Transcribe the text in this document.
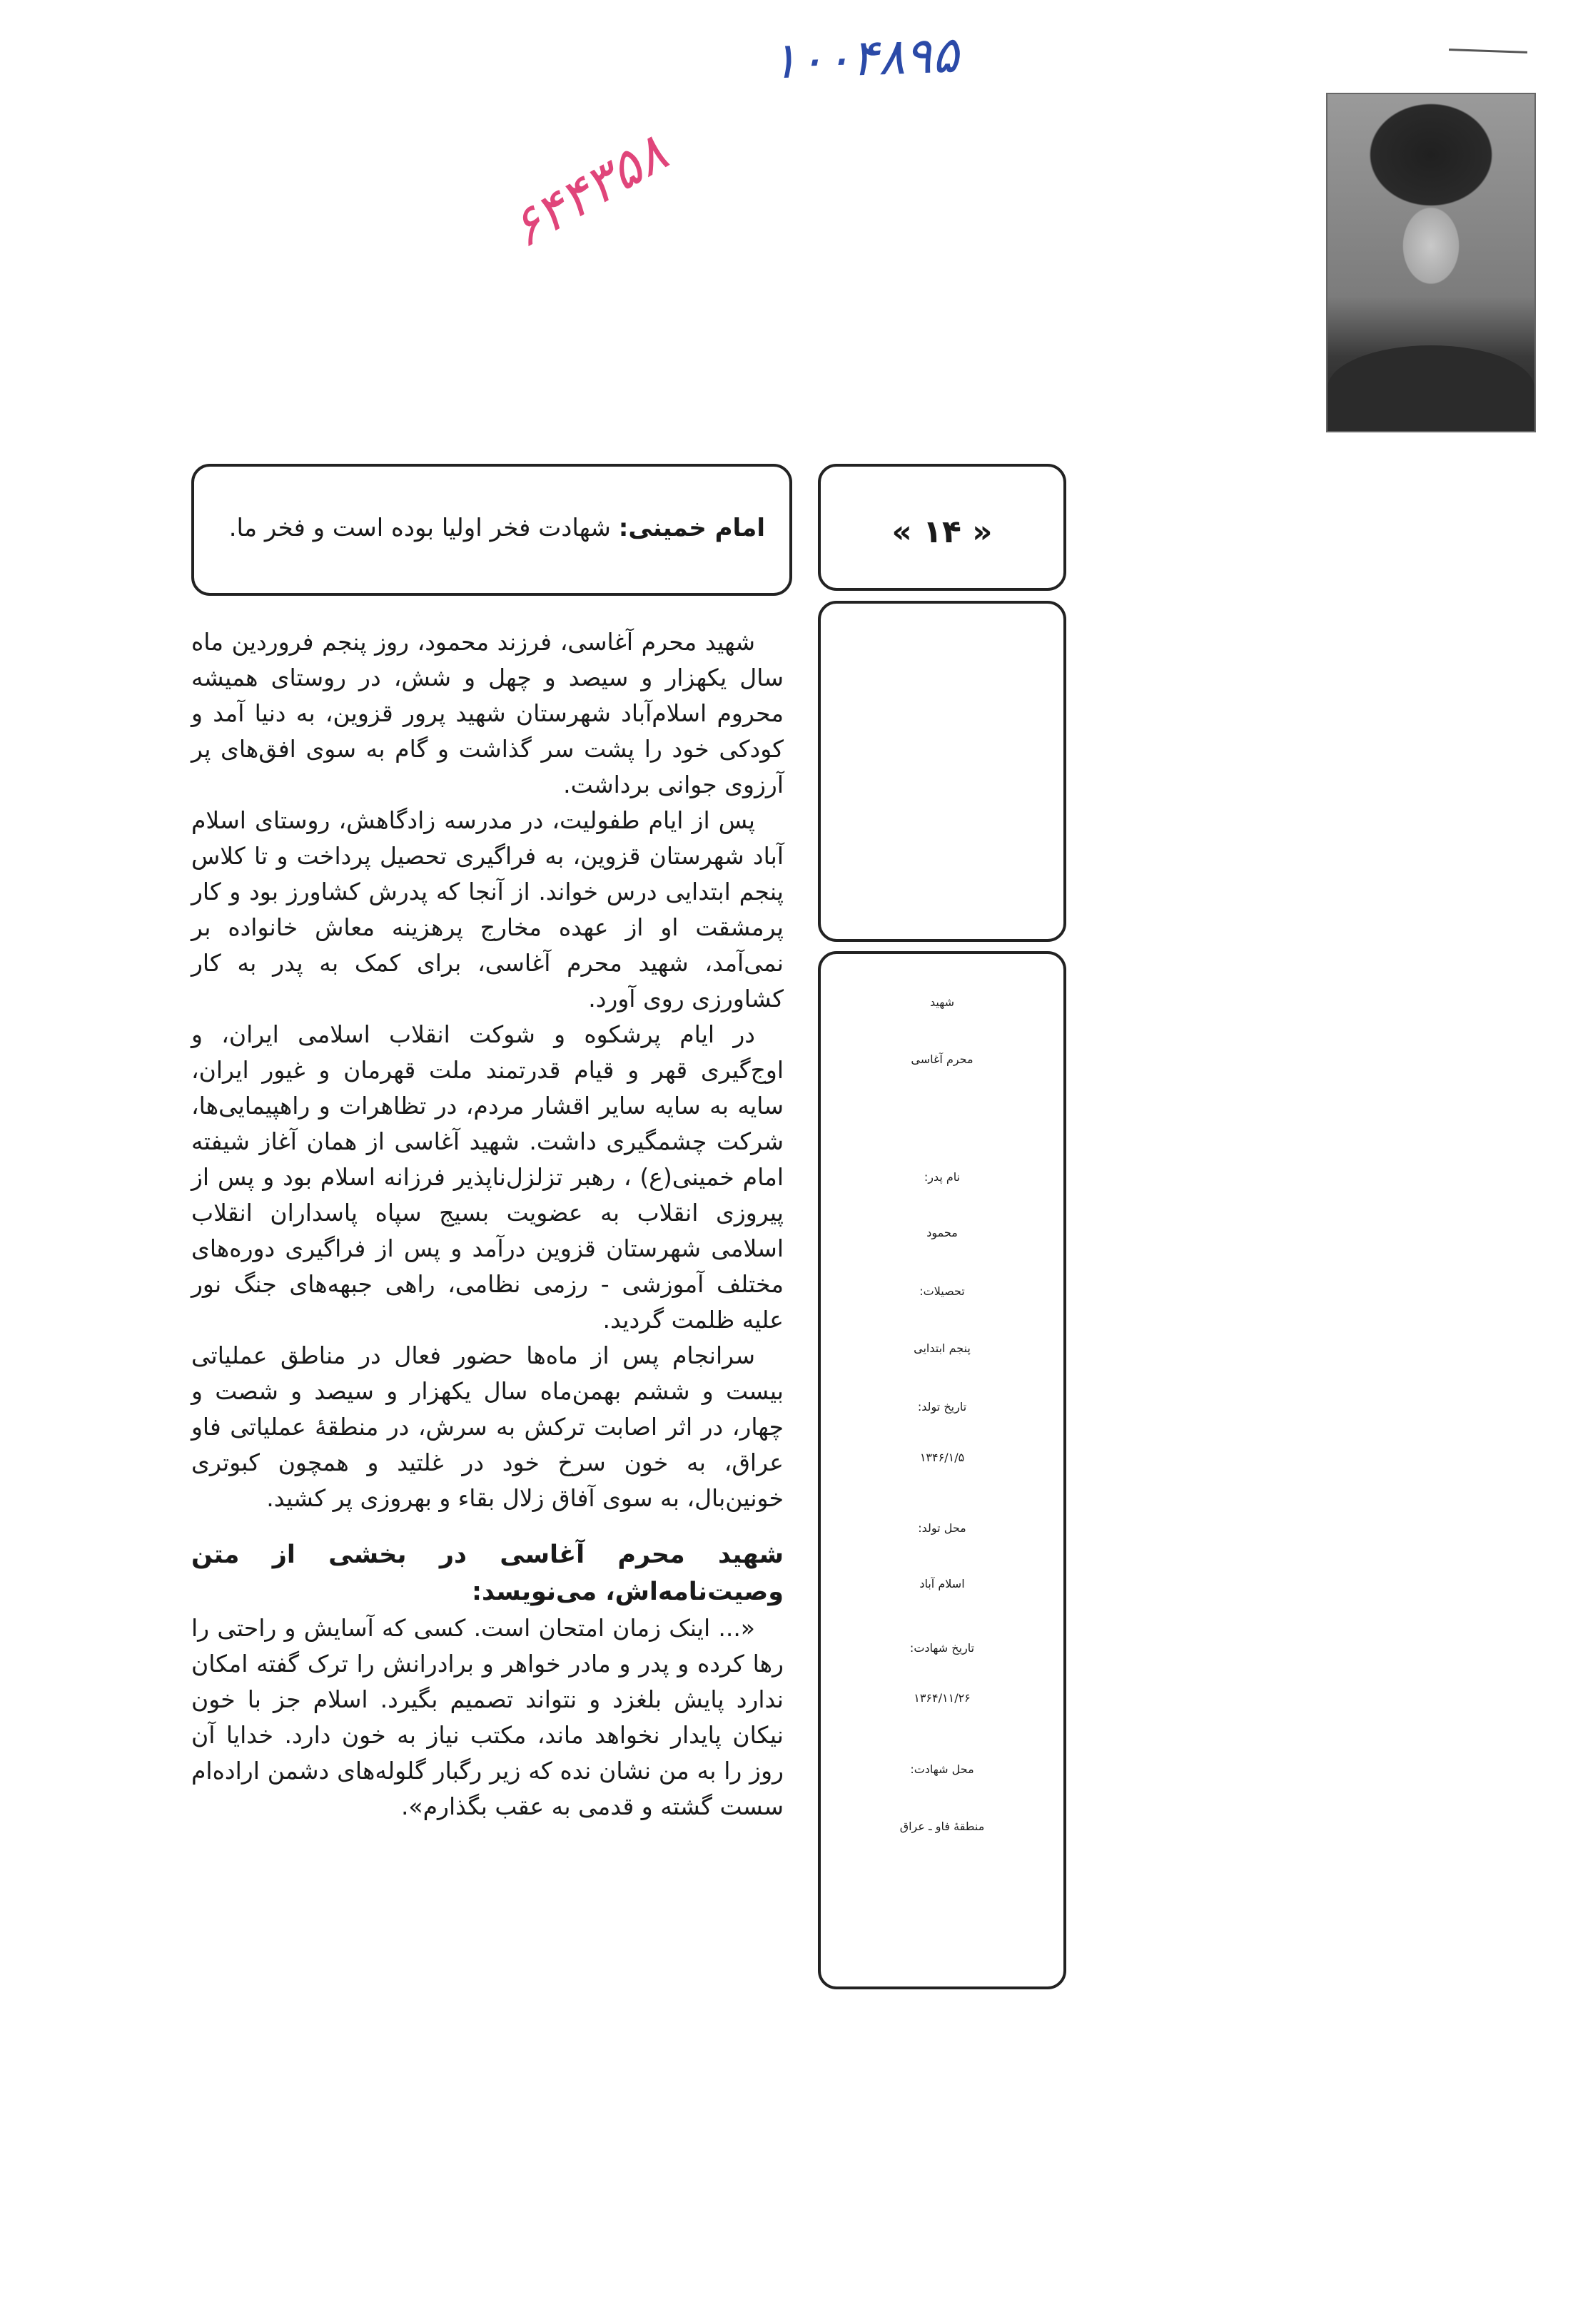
۱۰۰۴۸۹۵
۶۴۴۳۵۸
امام خمینی: شهادت فخر اولیا بوده است و فخر ما.	« ۱۴ »
شهید
محرم آغاسی
نام پدر:
محمود
تحصیلات:
پنجم ابتدایی
تاریخ تولد:
۱۳۴۶/۱/۵
محل تولد:
اسلام آباد
تاریخ شهادت:
۱۳۶۴/۱۱/۲۶
محل شهادت:
منطقهٔ فاو ـ عراق

شهید محرم آغاسی، فرزند محمود، روز پنجم فروردین ماه سال یکهزار و سیصد و چهل و شش، در روستای همیشه محروم اسلام‌آباد شهرستان شهید پرور قزوین، به دنیا آمد و کودکی خود را پشت سر گذاشت و گام به سوی افق‌های پر آرزوی جوانی برداشت.

پس از ایام طفولیت، در مدرسه زادگاهش، روستای اسلام آباد شهرستان قزوین، به فراگیری تحصیل پرداخت و تا کلاس پنجم ابتدایی درس خواند. از آنجا که پدرش کشاورز بود و کار پرمشقت او از عهده مخارج پرهزینه معاش خانواده بر نمی‌آمد، شهید محرم آغاسی، برای کمک به پدر به کار کشاورزی روی آورد.

در ایام پرشکوه و شوکت انقلاب اسلامی ایران، و اوج‌گیری قهر و قیام قدرتمند ملت قهرمان و غیور ایران، سایه به سایه سایر اقشار مردم، در تظاهرات و راهپیمایی‌ها، شرکت چشمگیری داشت. شهید آغاسی از همان آغاز شیفته امام خمینی(ع) ، رهبر تزلزل‌ناپذیر فرزانه اسلام بود و پس از پیروزی انقلاب به عضویت بسیج سپاه پاسداران انقلاب اسلامی شهرستان قزوین درآمد و پس از فراگیری دوره‌های مختلف آموزشی - رزمی نظامی، راهی جبهه‌های جنگ نور علیه ظلمت گردید.

سرانجام پس از ماه‌ها حضور فعال در مناطق عملیاتی بیست و ششم بهمن‌ماه سال یکهزار و سیصد و شصت و چهار، در اثر اصابت ترکش به سرش، در منطقهٔ عملیاتی فاو عراق، به خون سرخ خود در غلتید و همچون کبوتری خونین‌بال، به سوی آفاق زلال بقاء و بهروزی پر کشید.

شهید محرم آغاسی در بخشی از متن وصیت‌نامه‌اش، می‌نویسد:

«... اینک زمان امتحان است. کسی که آسایش و راحتی را رها کرده و پدر و مادر خواهر و برادرانش را ترک گفته امکان ندارد پایش بلغزد و نتواند تصمیم بگیرد. اسلام جز با خون نیکان پایدار نخواهد ماند، مکتب نیاز به خون دارد. خدایا آن روز را به من نشان نده که زیر رگبار گلوله‌های دشمن اراده‌ام سست گشته و قدمی به عقب بگذارم».
